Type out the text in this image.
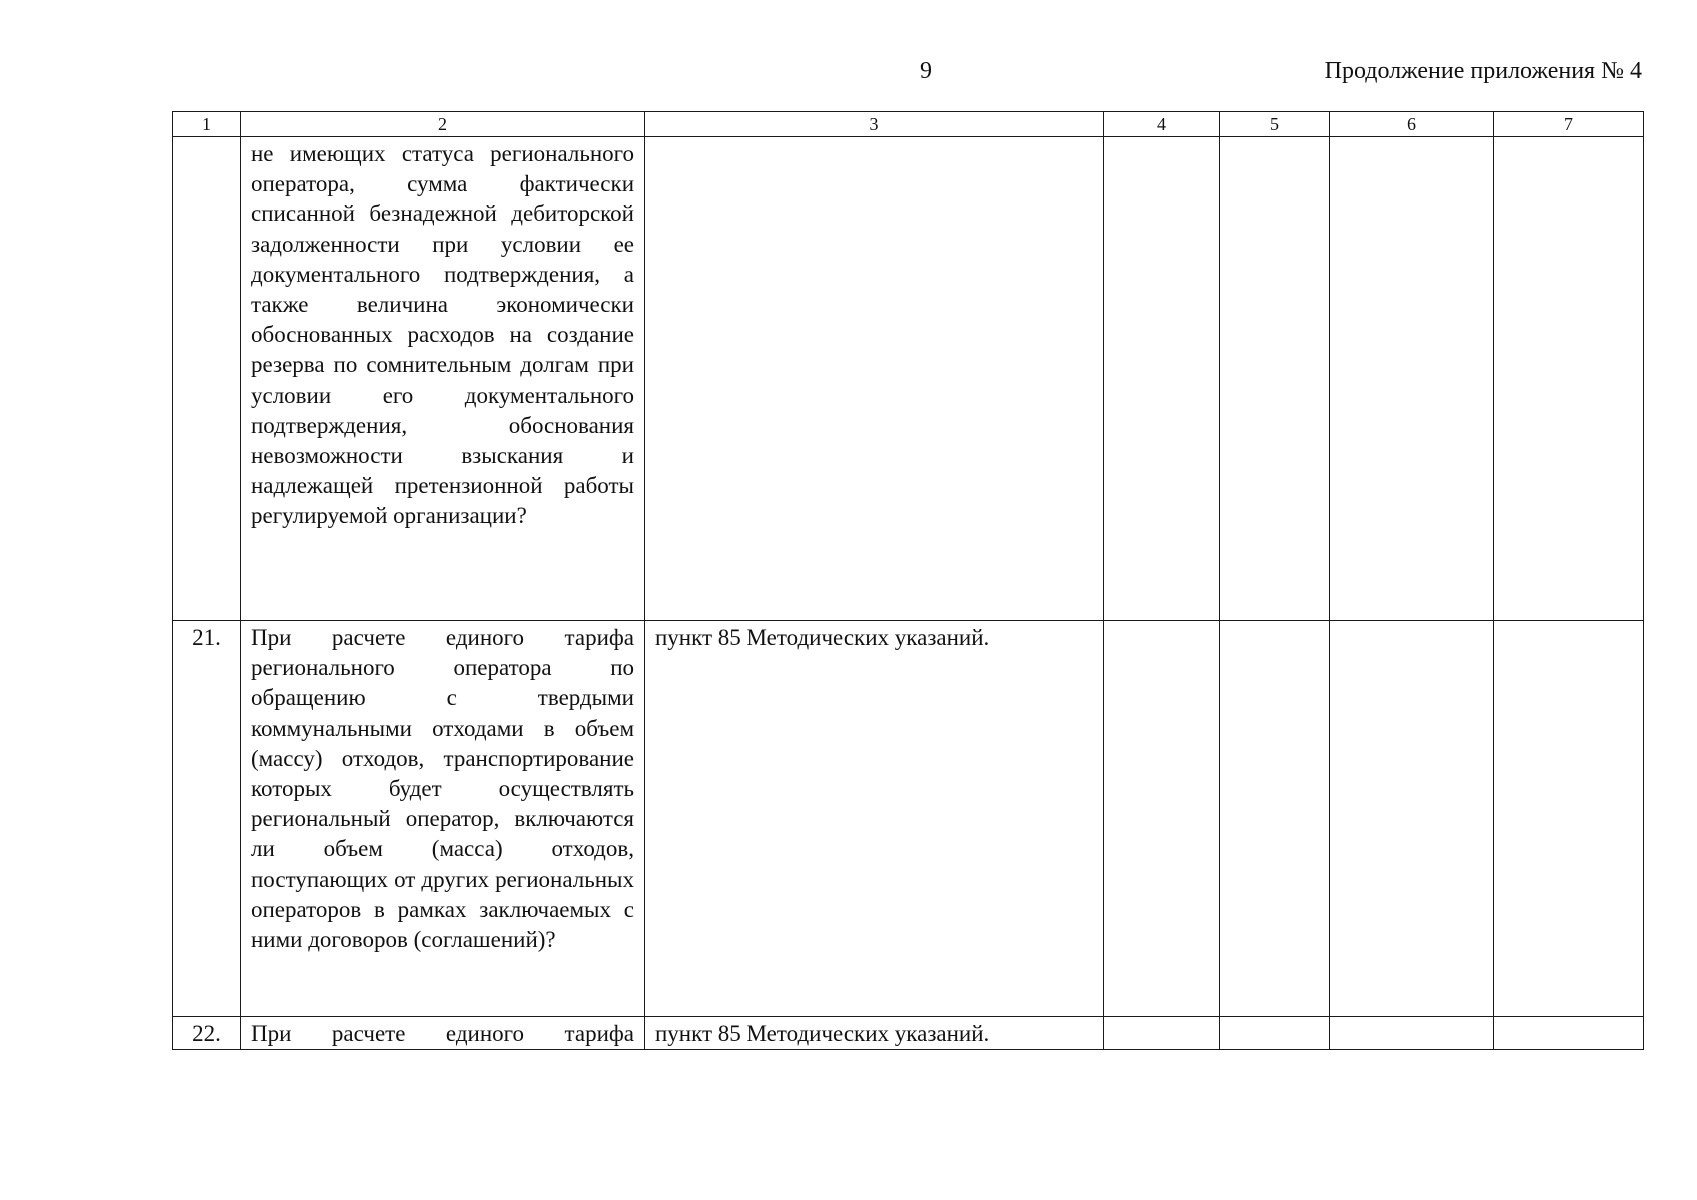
9	Продолжение приложения № 4
1	2	3	4	5	6	7
	не имеющих статуса регионального оператора, сумма фактически списанной безнадежной дебиторской задолженности при условии ее документального подтверждения, а также величина экономически обоснованных расходов на создание резерва по сомнительным долгам при условии его документального подтверждения, обоснования невозможности взыскания и надлежащей претензионной работы регулируемой организации?					
21.	При расчете единого тарифа регионального оператора по обращению с твердыми коммунальными отходами в объем (массу) отходов, транспортирование которых будет осуществлять региональный оператор, включаются ли объем (масса) отходов, поступающих от других региональных операторов в рамках заключаемых с ними договоров (соглашений)?	пункт 85 Методических указаний.				
22.	При расчете единого тарифа	пункт 85 Методических указаний.				
